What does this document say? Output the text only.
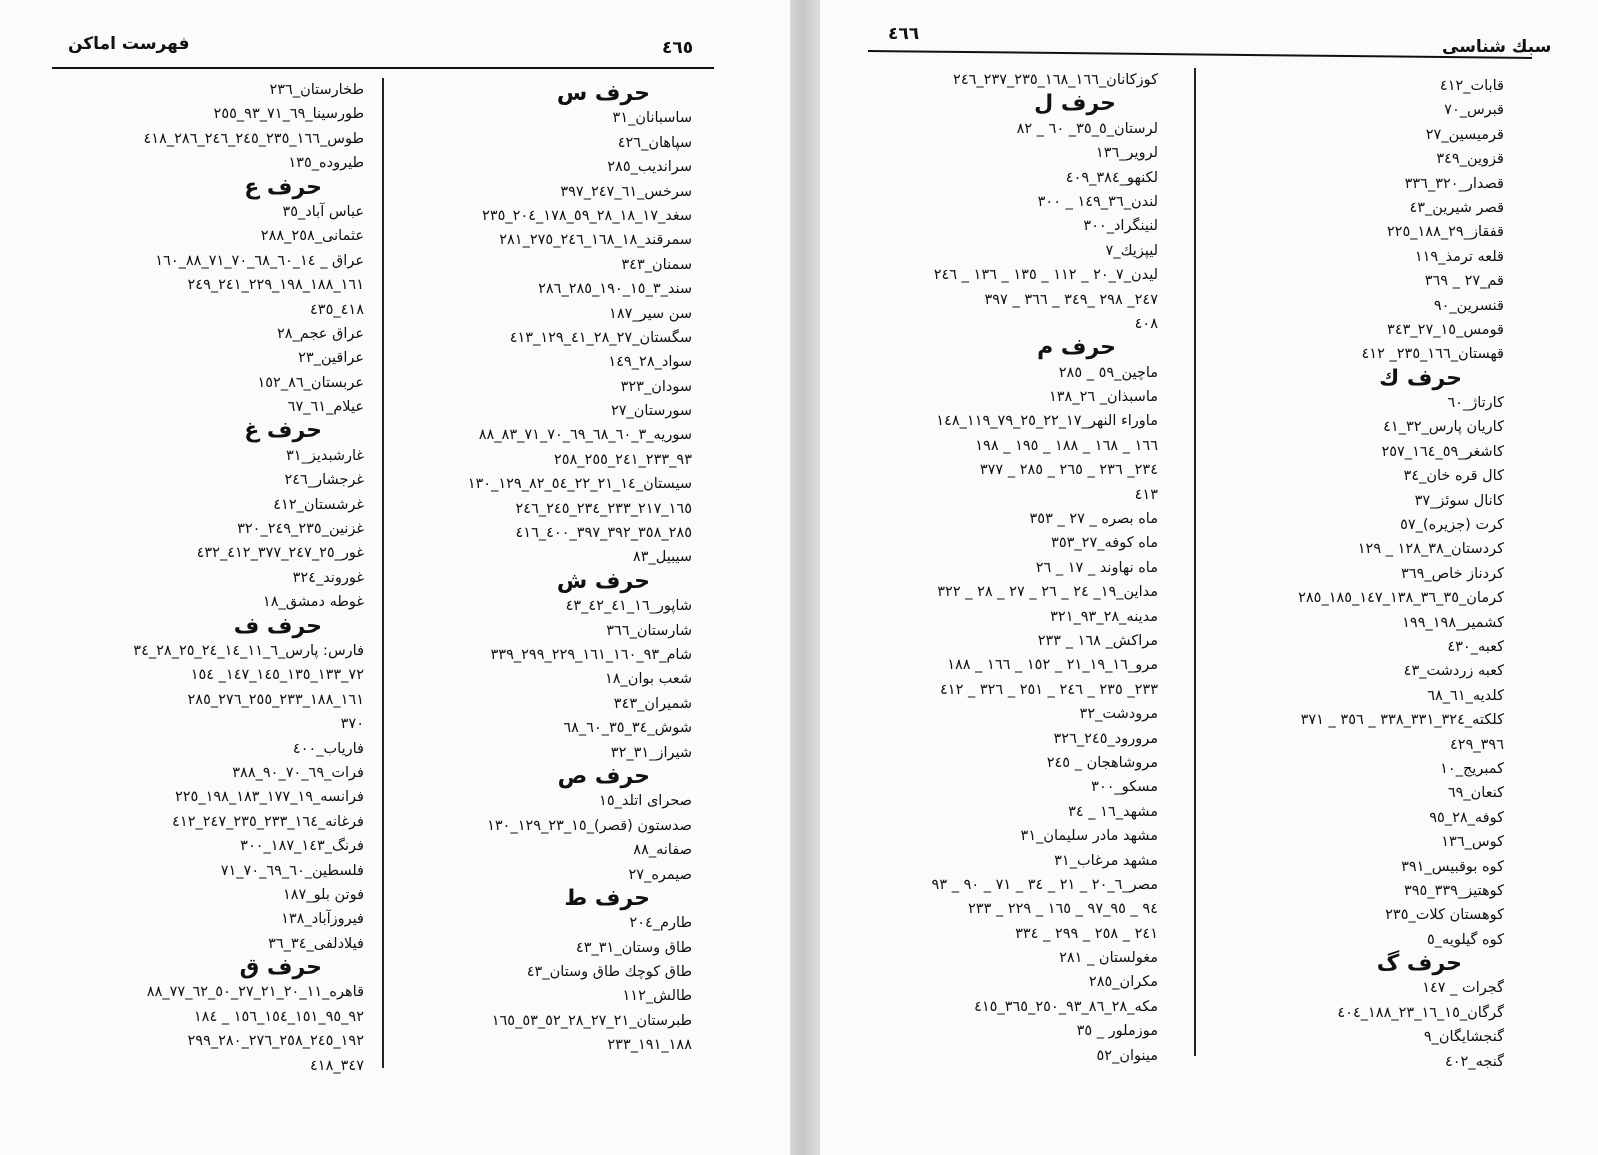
فهرست اماکن	٤٦٥
حرف س
ساسبانان_٣١
سپاهان_٤٢٦
سراندیب_٢٨٥
سرخس_٦١_٢٤٧_٣٩٧
سغد_١٧_١٨_٢٨_٥٩_١٧٨_٢٠٤_٢٣٥
سمرقند_١٨_١٦٨_٢٤٦_٢٧٥_٢٨١
سمنان_٣٤٣
سند_٣_١٥_١٩٠_٢٨٥_٢٨٦
سن سیر_١٨٧
سگستان_٢٧_٢٨_٤١_١٢٩_٤١٣
سواد_٢٨_١٤٩
سودان_٣٢٣
سورستان_٢٧
سوریه_٣_٦٠_٦٨_٦٩_٧٠_٧١_٨٣_٨٨
٩٣_٢٣٣_٢٤١_٢٥٥_٢٥٨
سیستان_١٤_٢١_٢٢_٥٤_٨٢_١٢٩_١٣٠
١٦٥_٢١٧_٢٣٣_٢٣٤_٢٤٥_٢٤٦
٢٨٥_٣٥٨_٣٩٢_٣٩٧_٤٠٠_٤١٦
سیبیل_٨٣
حرف ش
شاپور_١٦_٤١_٤٢_٤٣
شارستان_٣٦٦
شام_٩٣_١٦٠_١٦١_٢٢٩_٢٩٩_٣٣٩
شعب بوان_١٨
شمیران_٣٤٣
شوش_٣٤_٣٥_٦٠_٦٨
شیراز_٣١_٣٢
حرف ص
صحرای اتلد_١٥
صدستون (قصر)_١٥_٢٣_١٢٩_١٣٠
صفانه_٨٨
صیمره_٢٧
حرف ط
طارم_٢٠٤
طاق وستان_٣١_٤٣
طاق کوچك طاق وستان_٤٣
طالش_١١٢
طبرستان_٢١_٢٧_٢٨_٥٢_٥٣_١٦٥
١٨٨_١٩١_٢٣٣
طخارستان_٢٣٦
طورسینا_٦٩_٧١_٩٣_٢٥٥
طوس_١٦٦_٢٣٥_٢٤٥_٢٤٦_٢٨٦_٤١٨
طیروده_١٣٥
حرف ع
عباس آباد_٣٥
عثمانی_٢٥٨_٢٨٨
عراق _ ١٤_٦٠_٦٨_٧٠_٧١_٨٨_١٦٠
١٦١_١٨٨_١٩٨_٢٢٩_٢٤١_٢٤٩
٤١٨_٤٣٥
عراق عجم_٢٨
عراقین_٢٣
عربستان_٨٦_١٥٢
عیلام_٦١_٦٧
حرف غ
غارشبدیز_٣١
غرجشار_٢٤٦
غرشستان_٤١٢
غزنین_٢٣٥_٢٤٩_٣٢٠
غور_٢٥_٢٤٧_٣٧٧_٤١٢_٤٣٢
غوروند_٣٢٤
غوطه دمشق_١٨
حرف ف
فارس: پارس_٦_١١_١٤_٢٤_٢٥_٢٨_٣٤
٧٢_١٣٣_١٣٥_١٤٥_١٤٧_ ١٥٤
١٦١_١٨٨_٢٣٣_٢٥٥_٢٧٦_٢٨٥
٣٧٠
فاریاب_٤٠٠
فرات_٦٩_٧٠_٩٠_٣٨٨
فرانسه_١٩_١٧٧_١٨٣_١٩٨_٢٢٥
فرغانه_١٦٤_٢٣٣_٢٣٥_٢٤٧_٤١٢
فرنگ_١٤٣_١٨٧_٣٠٠
فلسطین_٦٠_٦٩_٧٠_٧١
فوتن بلو_١٨٧
فیروزآباد_١٣٨
فیلادلفی_٣٤_٣٦
حرف ق
قاهره_١١_٢٠_٢١_٢٧_٥٠_٦٢_٧٧_٨٨
٩٢_٩٥_١٥١_١٥٤_١٥٦ _ ١٨٤
١٩٢_٢٤٥_٢٥٨_٢٧٦_٢٨٠_٢٩٩
٣٤٧_٤١٨
سبك شناسی
٤٦٦
قابات_٤١٢
قبرس_٧٠
قرمیسین_٢٧
قزوین_٣٤٩
قصدار_٣٢٠_٣٣٦
قصر شیرین_٤٣
قفقاز_٢٩_١٨٨_٢٢٥
قلعه ترمذ_١١٩
قم_٢٧ _ ٣٦٩
قنسرین_٩٠
قومس_١٥_٢٧_٣٤٣
قهستان_١٦٦_٢٣٥_ ٤١٢
حرف ك
کارتاژ_٦٠
کاریان پارس_٣٢_٤١
کاشغر_٥٩_١٦٤_٢٥٧
کال قره خان_٣٤
کانال سوئز_٣٧
کرت (جزیره)_٥٧
کردستان_٣٨_١٢٨ _ ١٢٩
کردناز خاص_٣٦٩
کرمان_٣٥_٣٦_١٣٨_١٤٧_١٨٥_٢٨٥
کشمیر_١٩٨_١٩٩
کعبه_٤٣٠
کعبه زردشت_٤٣
کلدیه_٦١_٦٨
کلکته_٣٢٤_٣٣١_٣٣٨ _ ٣٥٦ _ ٣٧١
٣٩٦_٤٢٩
کمبریج_١٠
کنعان_٦٩
کوفه_٢٨_٩٥
کوس_١٣٦
کوه بوقبیس_٣٩١
کوهتیز_٣٣٩_٣٩٥
کوهستان کلات_٢٣٥
کوه گیلویه_٥
حرف گ
گجرات _ ١٤٧
گرگان_١٥_١٦_٢٣_١٨٨_٤٠٤
گنجشایگان_٩
گنجه_٤٠٢
کوزکانان_١٦٦_١٦٨_٢٣٥_٢٣٧_٢٤٦
حرف ل
لرستان_٥_٣٥_ ٦٠ _ ٨٢
لرویر_١٣٦
لکنهو_٣٨٤_٤٠٩
لندن_٣٦_١٤٩ _ ٣٠٠
لنینگراد_٣٠٠
لیپزیك_٧
لیدن_٧_٢٠ _ ١١٢ _ ١٣٥ _ ١٣٦ _ ٢٤٦
٢٤٧_ ٢٩٨ _٣٤٩ _ ٣٦٦ _ ٣٩٧
٤٠٨
حرف م
ماچین_٥٩ _ ٢٨٥
ماسبذان_ ٢٦_١٣٨
ماوراء النهر_١٧_٢٢_٢٥_٧٩_١١٩_١٤٨
١٦٦ _ ١٦٨ _ ١٨٨ _ ١٩٥ _ ١٩٨
٢٣٤_ ٢٣٦ _ ٢٦٥ _ ٢٨٥ _ ٣٧٧
٤١٣
ماه بصره _ ٢٧ _ ٣٥٣
ماه کوفه_٢٧_٣٥٣
ماه نهاوند _ ١٧ _ ٢٦
مداین_١٩_ ٢٤ _ ٢٦ _ ٢٧ _ ٢٨ _ ٣٢٢
مدینه_٢٨_٩٣_٣٢١
مراکش_ ١٦٨ _ ٢٣٣
مرو_١٦_١٩_٢١ _ ١٥٢ _ ١٦٦ _ ١٨٨
٢٣٣_ ٢٣٥ _ ٢٤٦ _ ٢٥١ _ ٣٢٦ _ ٤١٢
مرودشت_٣٢
مرورود_٢٤٥_٣٢٦
مروشاهجان _ ٢٤٥
مسکو_٣٠٠
مشهد_١٦ _ ٣٤
مشهد مادر سلیمان_٣١
مشهد مرغاب_٣١
مصر_٦_٢٠ _ ٢١ _ ٣٤ _ ٧١ _ ٩٠ _ ٩٣
٩٤ _ ٩٥_٩٧ _ ١٦٥ _ ٢٢٩ _ ٢٣٣
٢٤١ _ ٢٥٨ _ ٢٩٩ _ ٣٣٤
مغولستان _ ٢٨١
مکران_٢٨٥
مکه_٢٨_٨٦_٩٣_٢٥٠_٣٦٥_٤١٥
موزملور _ ٣٥
مینوان_٥٢
